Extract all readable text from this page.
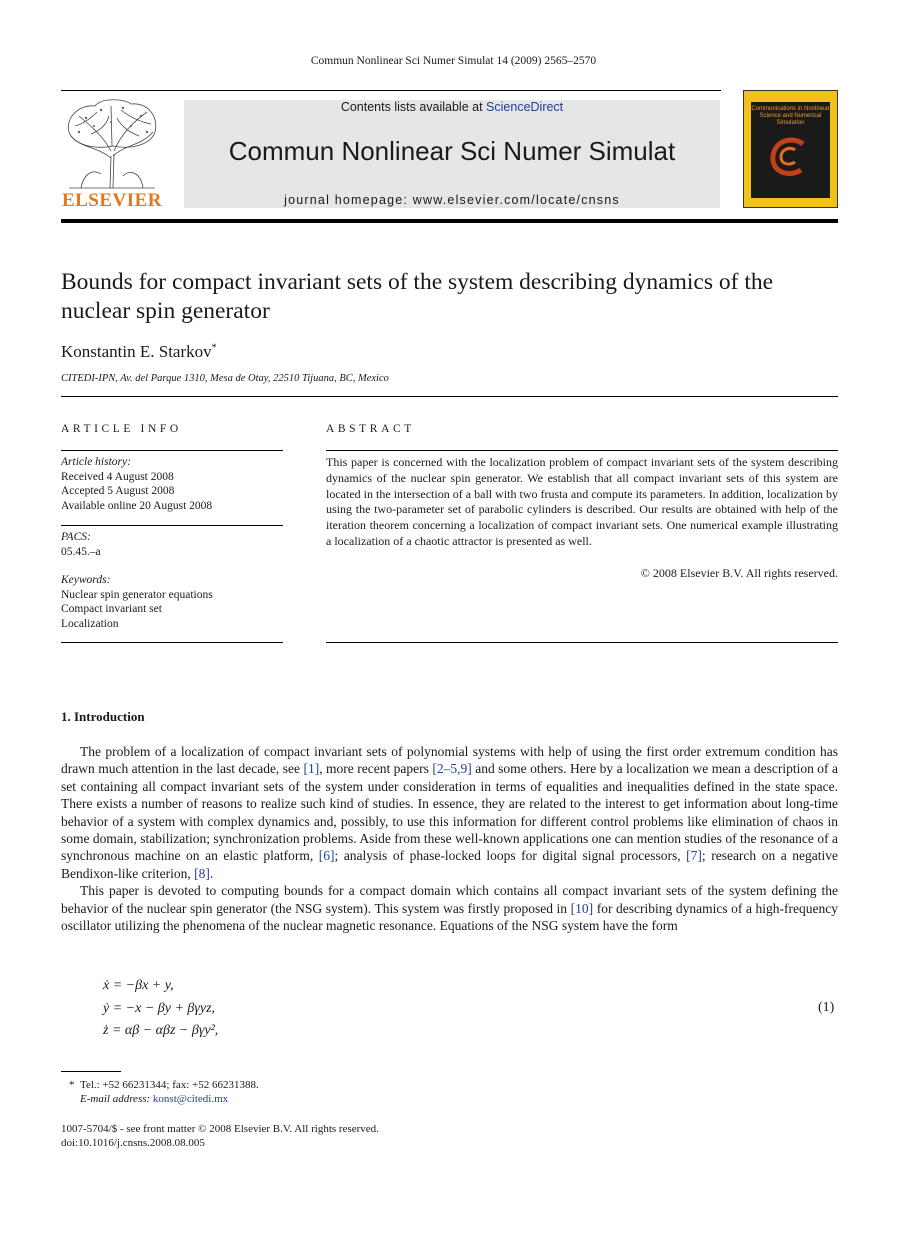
Commun Nonlinear Sci Numer Simulat 14 (2009) 2565–2570
Contents lists available at ScienceDirect
Commun Nonlinear Sci Numer Simulat
journal homepage: www.elsevier.com/locate/cnsns
ELSEVIER
Communications in Nonlinear Science and Numerical Simulation
Bounds for compact invariant sets of the system describing dynamics of the nuclear spin generator
Konstantin E. Starkov*
CITEDI-IPN, Av. del Parque 1310, Mesa de Otay, 22510 Tijuana, BC, Mexico
ARTICLE INFO
Article history:
Received 4 August 2008
Accepted 5 August 2008
Available online 20 August 2008
PACS:
05.45.–a
Keywords:
Nuclear spin generator equations
Compact invariant set
Localization
ABSTRACT
This paper is concerned with the localization problem of compact invariant sets of the system describing dynamics of the nuclear spin generator. We establish that all compact invariant sets of this system are located in the intersection of a ball with two frusta and compute its parameters. In addition, localization by using the two-parameter set of parabolic cylinders is described. Our results are obtained with help of the iteration theorem concerning a localization of compact invariant sets. One numerical example illustrating a localization of a chaotic attractor is presented as well.
© 2008 Elsevier B.V. All rights reserved.
1. Introduction

The problem of a localization of compact invariant sets of polynomial systems with help of using the first order extremum condition has drawn much attention in the last decade, see [1], more recent papers [2–5,9] and some others. Here by a localization we mean a description of a set containing all compact invariant sets of the system under consideration in terms of equalities and inequalities defined in the state space. There exists a number of reasons to realize such kind of studies. In essence, they are related to the interest to get information about long-time behavior of a system with complex dynamics and, possibly, to use this information for different control problems like elimination of chaos in some domain, stabilization; synchronization problems. Aside from these well-known applications one can mention studies of the resonance of a synchronous machine on an elastic platform, [6]; analysis of phase-locked loops for digital signal processors, [7]; research on a negative Bendixon-like criterion, [8].

This paper is devoted to computing bounds for a compact domain which contains all compact invariant sets of the system defining the behavior of the nuclear spin generator (the NSG system). This system was firstly proposed in [10] for describing dynamics of a high-frequency oscillator utilizing the phenomena of the nuclear magnetic resonance. Equations of the NSG system have the form

ẋ = −βx + y,
ẏ = −x − βy + βγyz,
ż = αβ − αβz − βγy²,
(1)
* Tel.: +52 66231344; fax: +52 66231388.
E-mail address: konst@citedi.mx
1007-5704/$ - see front matter © 2008 Elsevier B.V. All rights reserved.
doi:10.1016/j.cnsns.2008.08.005
